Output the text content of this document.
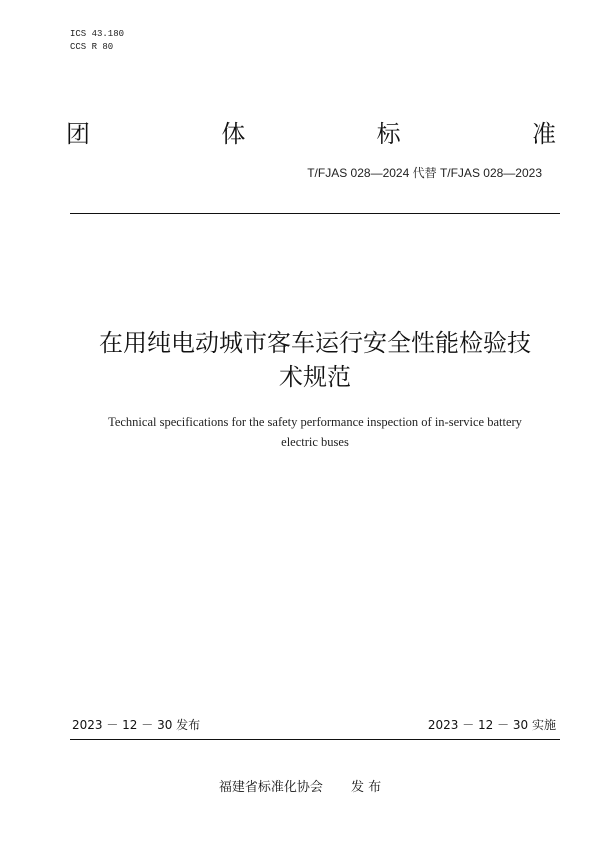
ICS 43.180
CCS R 80
团	体	标	准
T/FJAS 028—2024 代替 T/FJAS 028—2023
在用纯电动城市客车运行安全性能检验技
术规范
Technical specifications for the safety performance inspection of in-service battery
electric buses
2023 － 12 － 30 发布	2023 － 12 － 30 实施
福建省标准化协会 发 布
